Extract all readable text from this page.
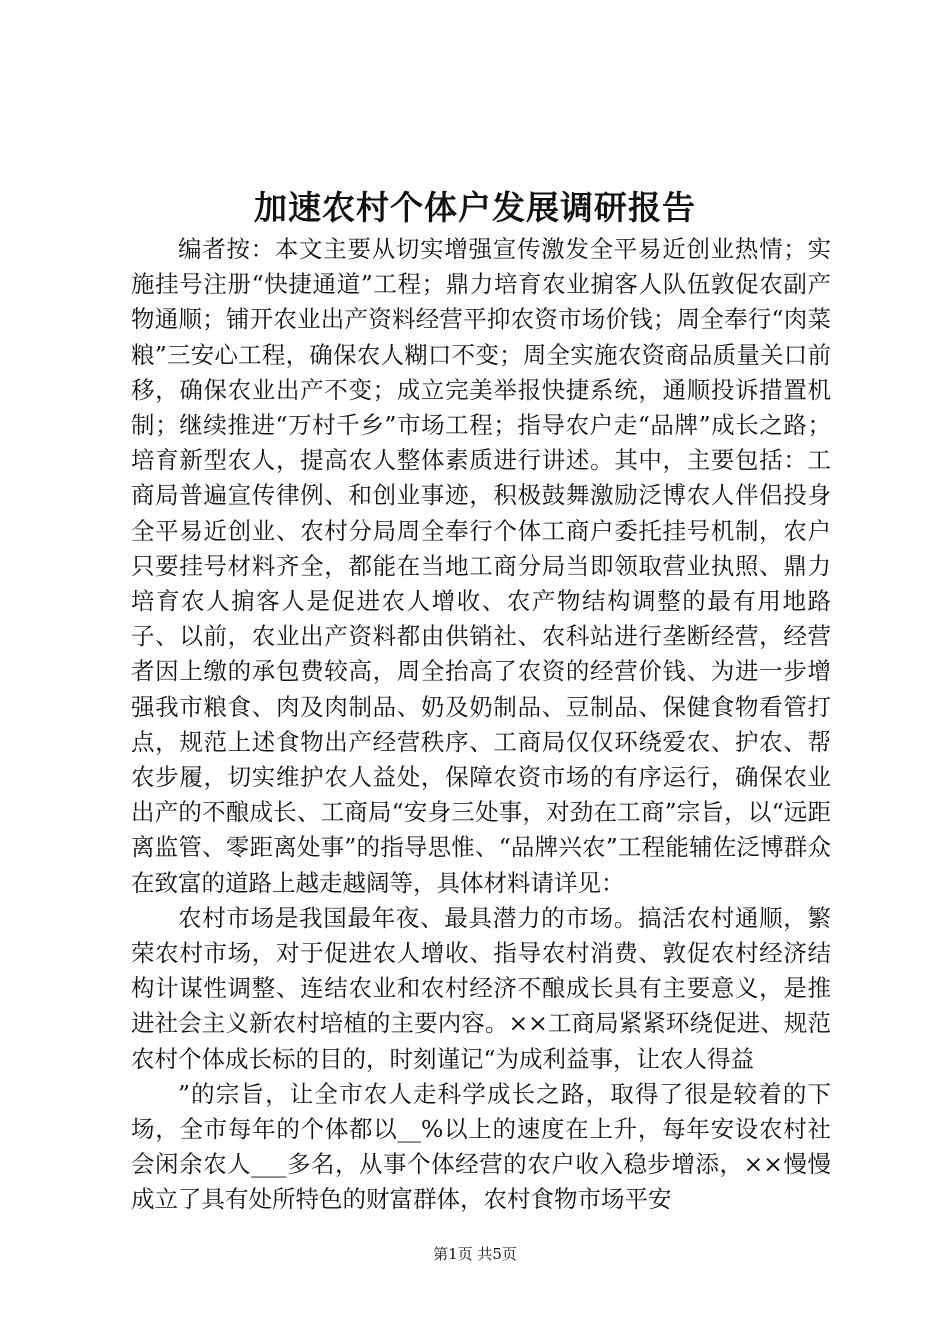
加速农村个体户发展调研报告

编者按：本文主要从切实增强宣传激发全平易近创业热情；实施挂号注册“快捷通道”工程；鼎力培育农业掮客人队伍敦促农副产物通顺；铺开农业出产资料经营平抑农资市场价钱；周全奉行“肉菜粮”三安心工程，确保农人糊口不变；周全实施农资商品质量关口前移，确保农业出产不变；成立完美举报快捷系统，通顺投诉措置机制；继续推进“万村千乡”市场工程；指导农户走“品牌”成长之路；培育新型农人，提高农人整体素质进行讲述。其中，主要包括：工商局普遍宣传律例、和创业事迹，积极鼓舞激励泛博农人伴侣投身全平易近创业、农村分局周全奉行个体工商户委托挂号机制，农户只要挂号材料齐全，都能在当地工商分局当即领取营业执照、鼎力培育农人掮客人是促进农人增收、农产物结构调整的最有用地路子、以前，农业出产资料都由供销社、农科站进行垄断经营，经营者因上缴的承包费较高，周全抬高了农资的经营价钱、为进一步增强我市粮食、肉及肉制品、奶及奶制品、豆制品、保健食物看管打点，规范上述食物出产经营秩序、工商局仅仅环绕爱农、护农、帮农步履，切实维护农人益处，保障农资市场的有序运行，确保农业出产的不酿成长、工商局“安身三处事，对劲在工商”宗旨，以“远距离监管、零距离处事”的指导思惟、“品牌兴农”工程能辅佐泛博群众在致富的道路上越走越阔等，具体材料请详见：

农村市场是我国最年夜、最具潜力的市场。搞活农村通顺，繁荣农村市场，对于促进农人增收、指导农村消费、敦促农村经济结构计谋性调整、连结农业和农村经济不酿成长具有主要意义，是推进社会主义新农村培植的主要内容。××工商局紧紧环绕促进、规范农村个体成长标的目的，时刻谨记“为成利益事，让农人得益

”的宗旨，让全市农人走科学成长之路，取得了很是较着的下场，全市每年的个体都以__%以上的速度在上升，每年安设农村社会闲余农人___多名，从事个体经营的农户收入稳步增添，××慢慢成立了具有处所特色的财富群体，农村食物市场平安

第1页 共5页
